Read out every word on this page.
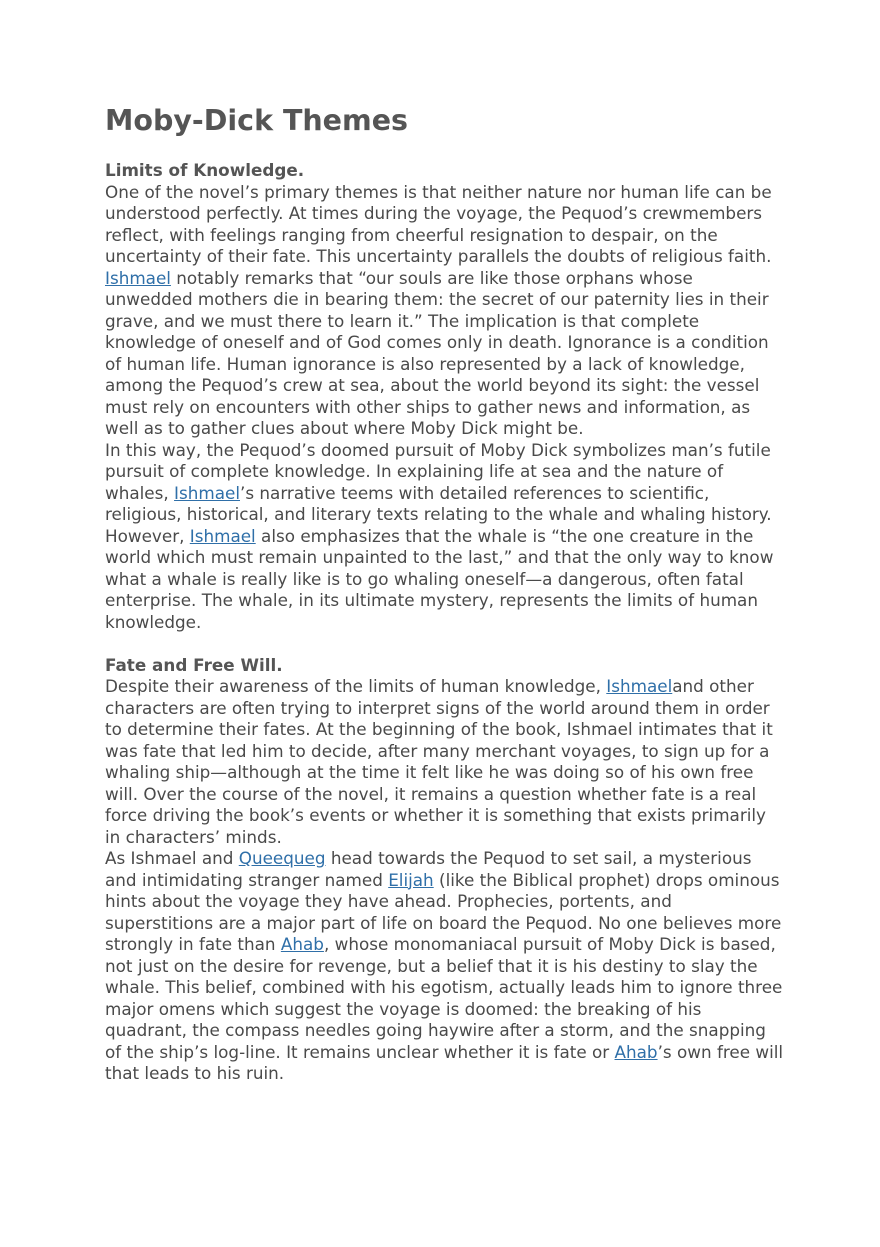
Moby-Dick Themes
Limits of Knowledge.

One of the novel’s primary themes is that neither nature nor human life can be understood perfectly. At times during the voyage, the Pequod’s crewmembers reflect, with feelings ranging from cheerful resignation to despair, on the uncertainty of their fate. This uncertainty parallels the doubts of religious faith. Ishmael notably remarks that “our souls are like those orphans whose unwedded mothers die in bearing them: the secret of our paternity lies in their grave, and we must there to learn it.” The implication is that complete knowledge of oneself and of God comes only in death. Ignorance is a condition of human life. Human ignorance is also represented by a lack of knowledge, among the Pequod’s crew at sea, about the world beyond its sight: the vessel must rely on encounters with other ships to gather news and information, as well as to gather clues about where Moby Dick might be.

In this way, the Pequod’s doomed pursuit of Moby Dick symbolizes man’s futile pursuit of complete knowledge. In explaining life at sea and the nature of whales, Ishmael’s narrative teems with detailed references to scientific, religious, historical, and literary texts relating to the whale and whaling history. However, Ishmael also emphasizes that the whale is “the one creature in the world which must remain unpainted to the last,” and that the only way to know what a whale is really like is to go whaling oneself—a dangerous, often fatal enterprise. The whale, in its ultimate mystery, represents the limits of human knowledge.

Fate and Free Will.

Despite their awareness of the limits of human knowledge, Ishmaeland other characters are often trying to interpret signs of the world around them in order to determine their fates. At the beginning of the book, Ishmael intimates that it was fate that led him to decide, after many merchant voyages, to sign up for a whaling ship—although at the time it felt like he was doing so of his own free will. Over the course of the novel, it remains a question whether fate is a real force driving the book’s events or whether it is something that exists primarily in characters’ minds.

As Ishmael and Queequeg head towards the Pequod to set sail, a mysterious and intimidating stranger named Elijah (like the Biblical prophet) drops ominous hints about the voyage they have ahead. Prophecies, portents, and superstitions are a major part of life on board the Pequod. No one believes more strongly in fate than Ahab, whose monomaniacal pursuit of Moby Dick is based, not just on the desire for revenge, but a belief that it is his destiny to slay the whale. This belief, combined with his egotism, actually leads him to ignore three major omens which suggest the voyage is doomed: the breaking of his quadrant, the compass needles going haywire after a storm, and the snapping of the ship’s log-line. It remains unclear whether it is fate or Ahab’s own free will that leads to his ruin.
